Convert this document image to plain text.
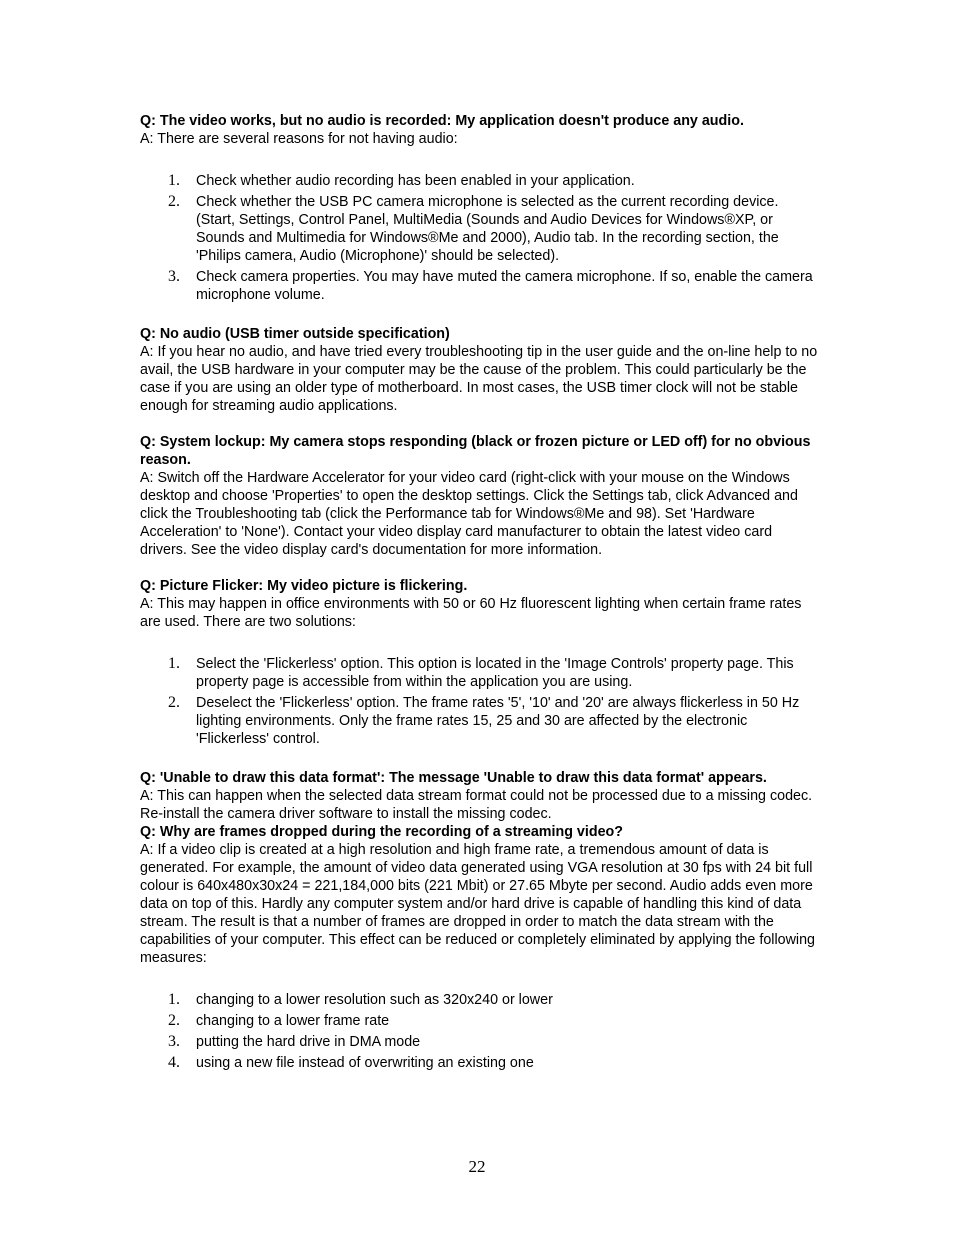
Q: The video works, but no audio is recorded: My application doesn't produce any audio.

A: There are several reasons for not having audio:

1. Check whether audio recording has been enabled in your application.
2. Check whether the USB PC camera microphone is selected as the current recording device. (Start, Settings, Control Panel, MultiMedia (Sounds and Audio Devices for Windows®XP, or Sounds and Multimedia for Windows®Me and 2000), Audio tab. In the recording section, the 'Philips camera, Audio (Microphone)' should be selected).
3. Check camera properties. You may have muted the camera microphone. If so, enable the camera microphone volume.

Q: No audio (USB timer outside specification)

A: If you hear no audio, and have tried every troubleshooting tip in the user guide and the on-line help to no avail, the USB hardware in your computer may be the cause of the problem. This could particularly be the case if you are using an older type of motherboard. In most cases, the USB timer clock will not be stable enough for streaming audio applications.

Q: System lockup: My camera stops responding (black or frozen picture or LED off) for no obvious reason.

A: Switch off the Hardware Accelerator for your video card (right-click with your mouse on the Windows desktop and choose 'Properties' to open the desktop settings. Click the Settings tab, click Advanced and click the Troubleshooting tab (click the Performance tab for Windows®Me and 98). Set 'Hardware Acceleration' to 'None'). Contact your video display card manufacturer to obtain the latest video card drivers. See the video display card's documentation for more information.

Q: Picture Flicker: My video picture is flickering.

A: This may happen in office environments with 50 or 60 Hz fluorescent lighting when certain frame rates are used. There are two solutions:

1. Select the 'Flickerless' option. This option is located in the 'Image Controls' property page. This property page is accessible from within the application you are using.
2. Deselect the 'Flickerless' option. The frame rates '5', '10' and '20' are always flickerless in 50 Hz lighting environments. Only the frame rates 15, 25 and 30 are affected by the electronic 'Flickerless' control.

Q: 'Unable to draw this data format': The message 'Unable to draw this data format' appears.

A: This can happen when the selected data stream format could not be processed due to a missing codec. Re-install the camera driver software to install the missing codec.

Q: Why are frames dropped during the recording of a streaming video?

A: If a video clip is created at a high resolution and high frame rate, a tremendous amount of data is generated. For example, the amount of video data generated using VGA resolution at 30 fps with 24 bit full colour is 640x480x30x24 = 221,184,000 bits (221 Mbit) or 27.65 Mbyte per second. Audio adds even more data on top of this. Hardly any computer system and/or hard drive is capable of handling this kind of data stream. The result is that a number of frames are dropped in order to match the data stream with the capabilities of your computer. This effect can be reduced or completely eliminated by applying the following measures:

1. changing to a lower resolution such as 320x240 or lower
2. changing to a lower frame rate
3. putting the hard drive in DMA mode
4. using a new file instead of overwriting an existing one
22
